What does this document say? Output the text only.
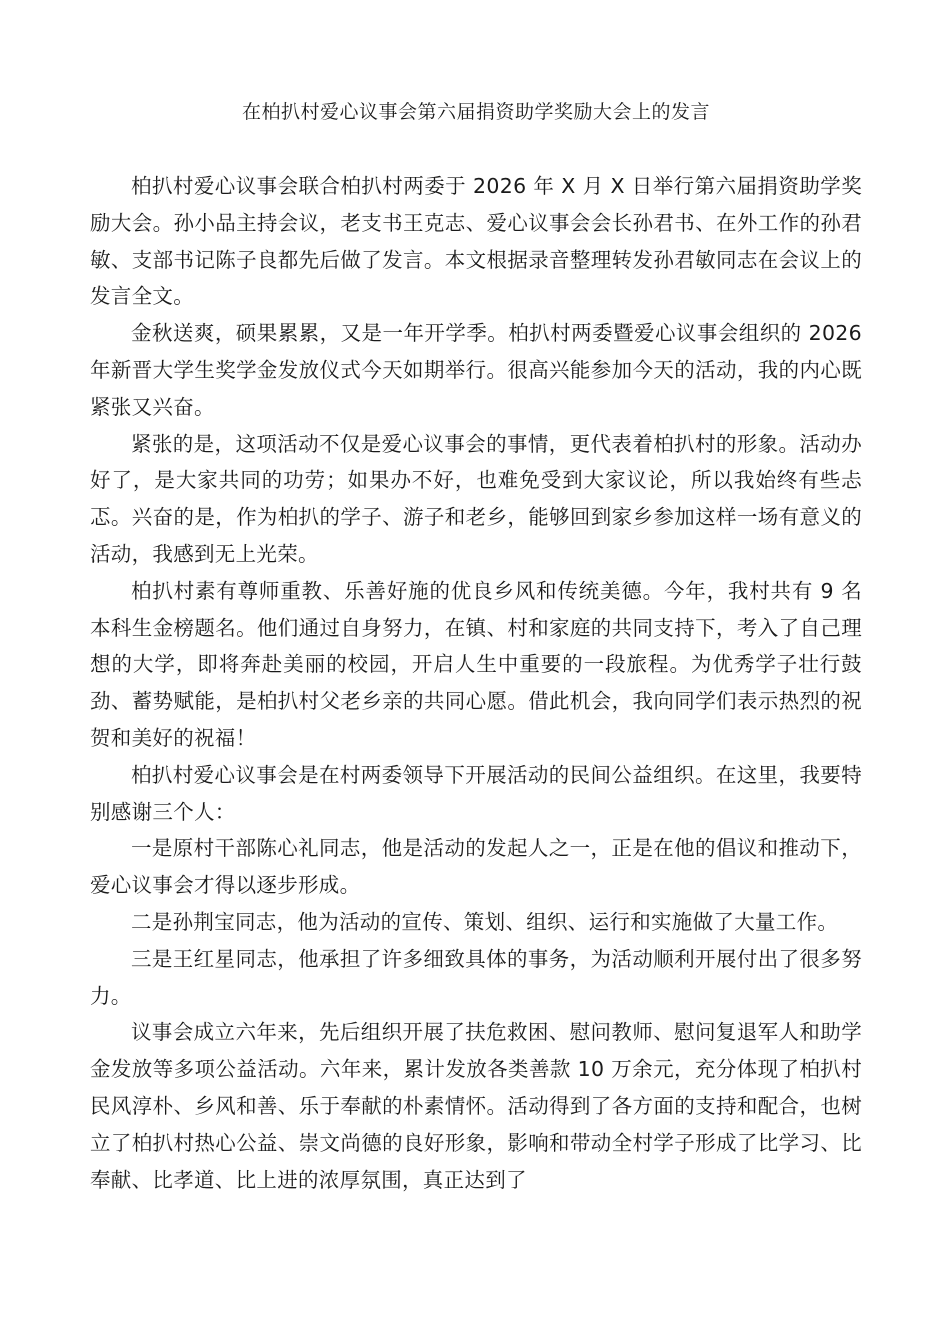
在柏扒村爱心议事会第六届捐资助学奖励大会上的发言

柏扒村爱心议事会联合柏扒村两委于 2026 年 X 月 X 日举行第六届捐资助学奖励大会。孙小品主持会议，老支书王克志、爱心议事会会长孙君书、在外工作的孙君敏、支部书记陈子良都先后做了发言。本文根据录音整理转发孙君敏同志在会议上的发言全文。

金秋送爽，硕果累累，又是一年开学季。柏扒村两委暨爱心议事会组织的 2026 年新晋大学生奖学金发放仪式今天如期举行。很高兴能参加今天的活动，我的内心既紧张又兴奋。

紧张的是，这项活动不仅是爱心议事会的事情，更代表着柏扒村的形象。活动办好了，是大家共同的功劳；如果办不好，也难免受到大家议论，所以我始终有些忐忑。兴奋的是，作为柏扒的学子、游子和老乡，能够回到家乡参加这样一场有意义的活动，我感到无上光荣。

柏扒村素有尊师重教、乐善好施的优良乡风和传统美德。今年，我村共有 9 名本科生金榜题名。他们通过自身努力，在镇、村和家庭的共同支持下，考入了自己理想的大学，即将奔赴美丽的校园，开启人生中重要的一段旅程。为优秀学子壮行鼓劲、蓄势赋能，是柏扒村父老乡亲的共同心愿。借此机会，我向同学们表示热烈的祝贺和美好的祝福！

柏扒村爱心议事会是在村两委领导下开展活动的民间公益组织。在这里，我要特别感谢三个人：

一是原村干部陈心礼同志，他是活动的发起人之一，正是在他的倡议和推动下，爱心议事会才得以逐步形成。

二是孙荆宝同志，他为活动的宣传、策划、组织、运行和实施做了大量工作。

三是王红星同志，他承担了许多细致具体的事务，为活动顺利开展付出了很多努力。

议事会成立六年来，先后组织开展了扶危救困、慰问教师、慰问复退军人和助学金发放等多项公益活动。六年来，累计发放各类善款 10 万余元，充分体现了柏扒村民风淳朴、乡风和善、乐于奉献的朴素情怀。活动得到了各方面的支持和配合，也树立了柏扒村热心公益、崇文尚德的良好形象，影响和带动全村学子形成了比学习、比奉献、比孝道、比上进的浓厚氛围，真正达到了
